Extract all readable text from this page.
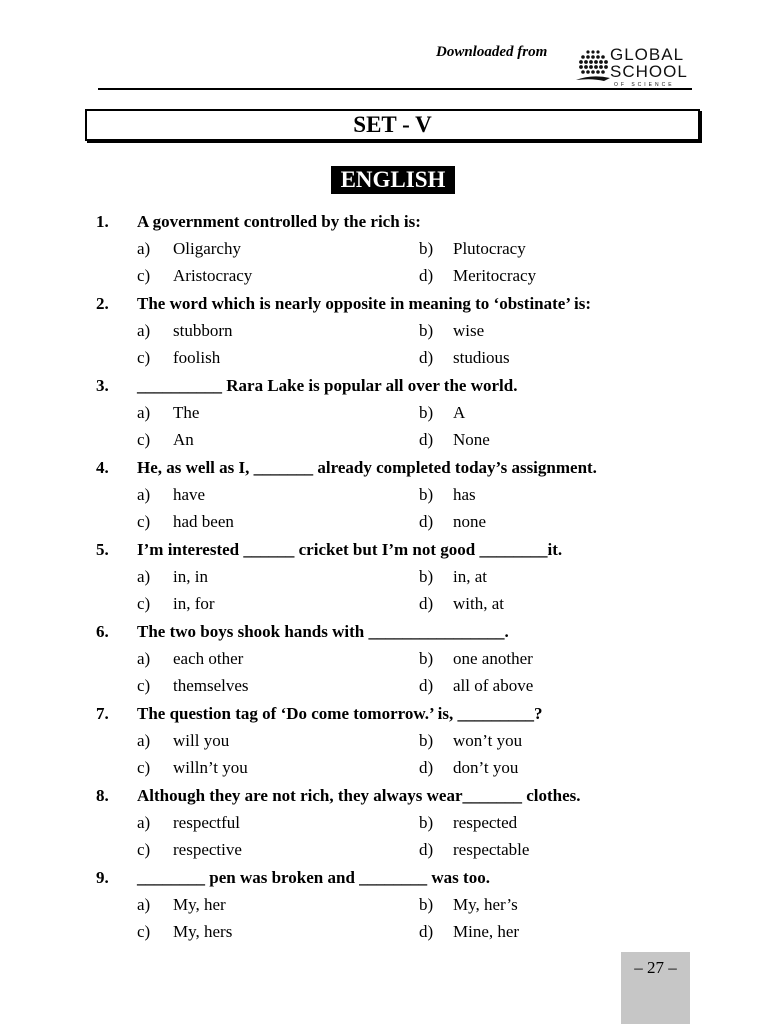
Downloaded from	GLOBAL
SCHOOL
OF SCIENCE
SET - V
ENGLISH
1. A government controlled by the rich is:
a) Oligarchy	b) Plutocracy
c) Aristocracy	d) Meritocracy
2. The word which is nearly opposite in meaning to ‘obstinate’ is:
a) stubborn	b) wise
c) foolish	d) studious
3. __________ Rara Lake is popular all over the world.
a) The	b) A
c) An	d) None
4. He, as well as I, _______ already completed today’s assignment.
a) have	b) has
c) had been	d) none
5. I’m interested ______ cricket but I’m not good ________it.
a) in, in	b) in, at
c) in, for	d) with, at
6. The two boys shook hands with ________________.
a) each other	b) one another
c) themselves	d) all of above
7. The question tag of ‘Do come tomorrow.’ is, _________?
a) will you	b) won’t you
c) willn’t you	d) don’t you
8. Although they are not rich, they always wear_______ clothes.
a) respectful	b) respected
c) respective	d) respectable
9. ________ pen was broken and ________ was too.
a) My, her	b) My, her’s
c) My, hers	d) Mine, her
– 27 –
